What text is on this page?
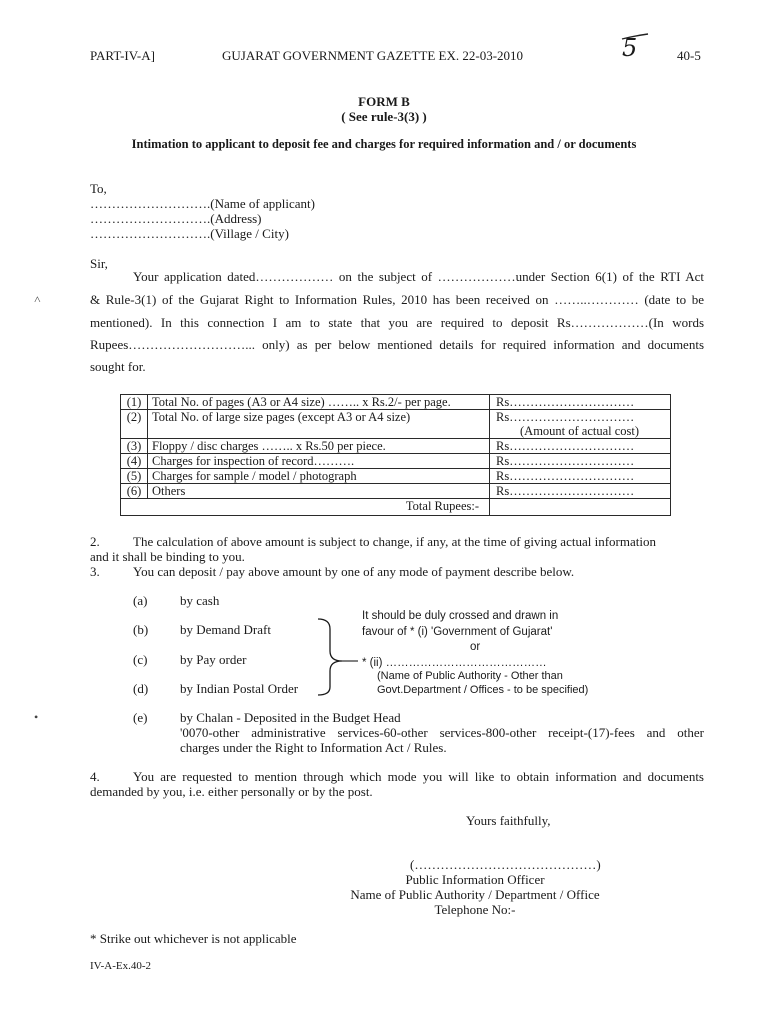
PART-IV-A]	GUJARAT GOVERNMENT GAZETTE EX. 22-03-2010	5	40-5
FORM B
( See rule-3(3) )
Intimation to applicant to deposit fee and charges for required information and / or documents
To,
……………………….(Name of applicant)
……………………….(Address)
……………………….(Village / City)
Sir,
Your application dated……………… on the subject of ………………under Section 6(1) of the RTI Act
& Rule-3(1) of the Gujarat Right to Information Rules, 2010 has been received on ……..………… (date to be
mentioned). In this connection I am to state that you are required to deposit Rs………………(In words
Rupees………………………... only) as per below mentioned details for required information and documents
sought for.
(1)	Total No. of pages (A3 or A4 size) …….. x Rs.2/- per page.	Rs…………………………
(2)	Total No. of large size pages (except A3 or A4 size)	Rs…………………………
(Amount of actual cost)

(3)	Floppy / disc charges …….. x Rs.50 per piece.	Rs…………………………
(4)	Charges for inspection of record……….	Rs…………………………
(5)	Charges for sample / model / photograph	Rs…………………………
(6)	Others	Rs…………………………
Total Rupees:-		
2.	The calculation of above amount is subject to change, if any, at the time of giving actual information
and it shall be binding to you.
3.	You can deposit / pay above amount by one of any mode of payment describe below.
(a)	by cash
(b) by Demand Draft
(c)	by Pay order
(d) by Indian Postal Order
It should be duly crossed and drawn in
favour of * (i) 'Government of Gujarat'
or
* (ii) ……………………………………
(Name of Public Authority - Other than
Govt.Department / Offices - to be specified)
(e)	by Chalan - Deposited in the Budget Head
'0070-other administrative services-60-other services-800-other receipt-(17)-fees and other
charges under the Right to Information Act / Rules.
4.	You are requested to mention through which mode you will like to obtain information and documents
demanded by you, i.e. either personally or by the post.
Yours faithfully,
(……………………………………)
Public Information Officer
Name of Public Authority / Department / Office
Telephone No:-
* Strike out whichever is not applicable
IV-A-Ex.40-2
˄
•
